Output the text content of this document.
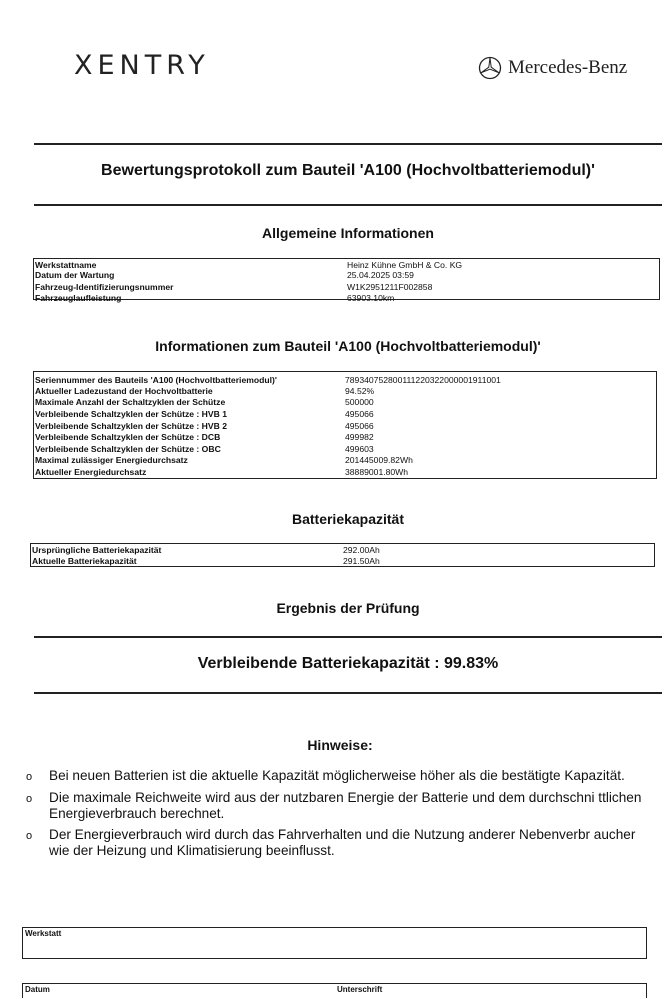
XENTRY	Mercedes-Benz
Bewertungsprotokoll zum Bauteil 'A100 (Hochvoltbatteriemodul)'
Allgemeine Informationen
Werkstattname	Heinz Kühne GmbH & Co. KG
Datum der Wartung	25.04.2025 03:59
Fahrzeug-Identifizierungsnummer	W1K2951211F002858
Fahrzeuglaufleistung	63903.10km
Informationen zum Bauteil 'A100 (Hochvoltbatteriemodul)'
Seriennummer des Bauteils 'A100 (Hochvoltbatteriemodul)'	789340752800111220322000001911001
Aktueller Ladezustand der Hochvoltbatterie	94.52%
Maximale Anzahl der Schaltzyklen der Schütze	500000
Verbleibende Schaltzyklen der Schütze : HVB 1	495066
Verbleibende Schaltzyklen der Schütze : HVB 2	495066
Verbleibende Schaltzyklen der Schütze : DCB	499982
Verbleibende Schaltzyklen der Schütze : OBC	499603
Maximal zulässiger Energiedurchsatz	201445009.82Wh
Aktueller Energiedurchsatz	38889001.80Wh
Batteriekapazität
Ursprüngliche Batteriekapazität	292.00Ah
Aktuelle Batteriekapazität	291.50Ah
Ergebnis der Prüfung
Verbleibende Batteriekapazität : 99.83%
Hinweise:
o	Bei neuen Batterien ist die aktuelle Kapazität möglicherweise höher als die bestätigte Kapazität.
o	Die maximale Reichweite wird aus der nutzbaren Energie der Batterie und dem durchschni ttlichen Energieverbrauch berechnet.
o	Der Energieverbrauch wird durch das Fahrverhalten und die Nutzung anderer Nebenverbr aucher wie der Heizung und Klimatisierung beeinflusst.
Werkstatt
Datum	Unterschrift
